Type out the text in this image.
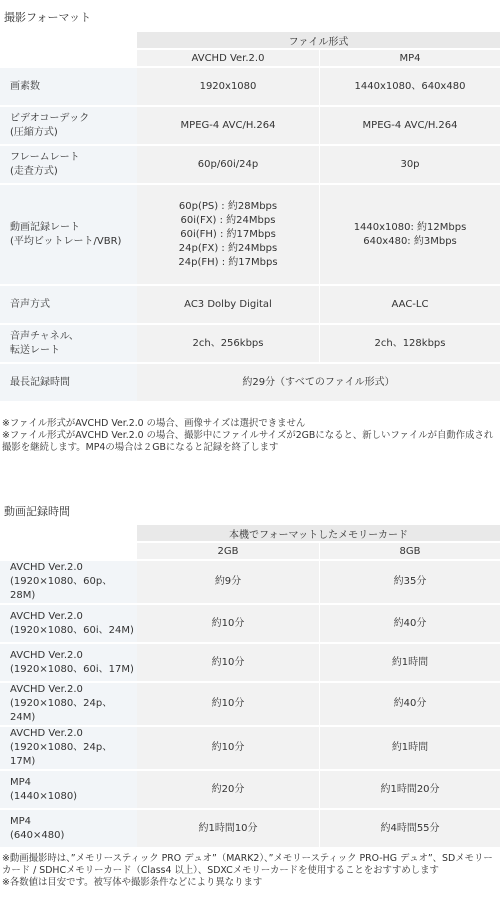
撮影フォーマット
	ファイル形式	
	AVCHD Ver.2.0	MP4

画素数	1920x1080	1440x1080、640x480

ビデオコーデック
(圧縮方式)	MPEG-4 AVC/H.264	MPEG-4 AVC/H.264

フレームレート
(走査方式)	60p/60i/24p	30p

動画記録レート
(平均ビットレート/VBR)	60p(PS) : 約28Mbps
60i(FX) : 約24Mbps
60i(FH) : 約17Mbps
24p(FX) : 約24Mbps
24p(FH) : 約17Mbps	1440x1080: 約12Mbps
640x480: 約3Mbps

音声方式	AC3 Dolby Digital	AAC-LC

音声チャネル、
転送レート	2ch、256kbps	2ch、128kbps

最長記録時間	約29分（すべてのファイル形式）	
※ファイル形式がAVCHD Ver.2.0 の場合、画像サイズは選択できません
※ファイル形式がAVCHD Ver.2.0 の場合、撮影中にファイルサイズが2GBになると、新しいファイルが自動作成され撮影を継続します。MP4の場合は２GBになると記録を終了します
動画記録時間
	本機でフォーマットしたメモリーカード	
	2GB	8GB

AVCHD Ver.2.0
(1920×1080、60p、28M)	約9分	約35分

AVCHD Ver.2.0
(1920×1080、60i、24M)	約10分	約40分

AVCHD Ver.2.0
(1920×1080、60i、17M)	約10分	約1時間

AVCHD Ver.2.0
(1920×1080、24p、24M)	約10分	約40分

AVCHD Ver.2.0
(1920×1080、24p、17M)	約10分	約1時間

MP4
(1440×1080)	約20分	約1時間20分

MP4
(640×480)	約1時間10分	約4時間55分
※動画撮影時は、”メモリースティック PRO デュオ”（MARK2）、”メモリースティック PRO-HG デュオ”、SDメモリーカード / SDHCメモリーカード（Class4 以上）、SDXCメモリーカードを使用することをおすすめします
※各数値は目安です。被写体や撮影条件などにより異なります
